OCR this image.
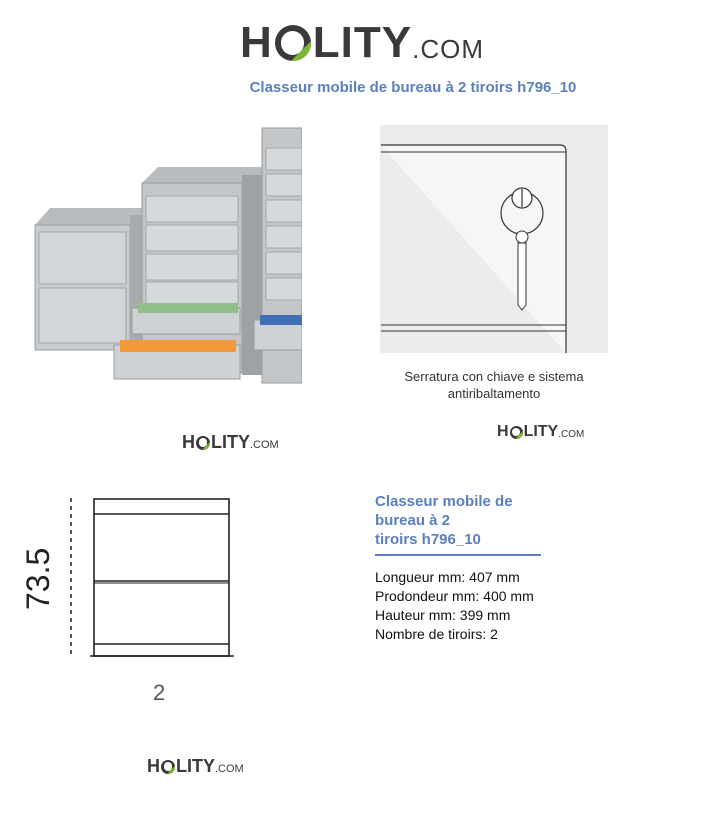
H LITY .COM
Classeur mobile de bureau à 2 tiroirs h796_10
Serratura con chiave e sistema
antiribaltamento
H LITY .COM
H LITY .COM
73.5
2
Classeur mobile de
bureau à 2
tiroirs h796_10
Longueur mm: 407 mm
Prodondeur mm: 400 mm
Hauteur mm: 399 mm
Nombre de tiroirs: 2
H LITY .COM
